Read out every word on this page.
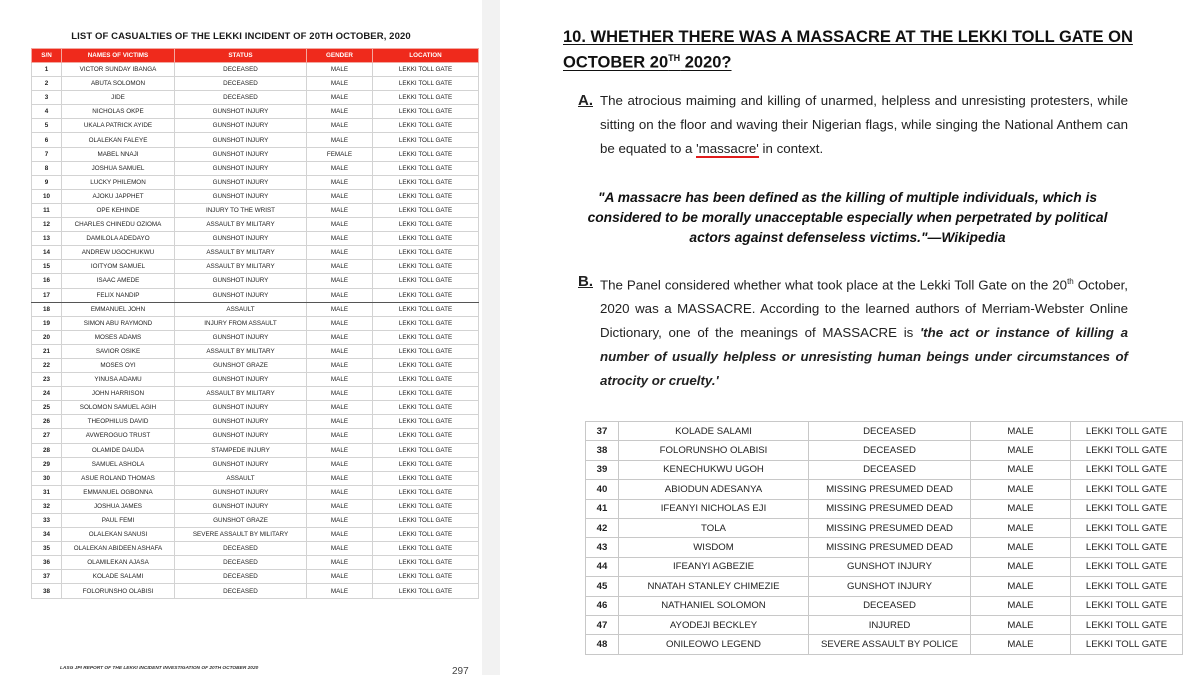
LIST OF CASUALTIES OF THE LEKKI INCIDENT OF 20TH OCTOBER, 2020
S/N	NAMES OF VICTIMS	STATUS	GENDER	LOCATION
1	VICTOR SUNDAY IBANGA	DECEASED	MALE	LEKKI TOLL GATE
2	ABUTA SOLOMON	DECEASED	MALE	LEKKI TOLL GATE
3	JIDE	DECEASED	MALE	LEKKI TOLL GATE
4	NICHOLAS OKPE	GUNSHOT INJURY	MALE	LEKKI TOLL GATE
5	UKALA PATRICK AYIDE	GUNSHOT INJURY	MALE	LEKKI TOLL GATE
6	OLALEKAN FALEYE	GUNSHOT INJURY	MALE	LEKKI TOLL GATE
7	MABEL NNAJI	GUNSHOT INJURY	FEMALE	LEKKI TOLL GATE
8	JOSHUA SAMUEL	GUNSHOT INJURY	MALE	LEKKI TOLL GATE
9	LUCKY PHILEMON	GUNSHOT INJURY	MALE	LEKKI TOLL GATE
10	AJOKU JAPPHET	GUNSHOT INJURY	MALE	LEKKI TOLL GATE
11	OPE KEHINDE	INJURY TO THE WRIST	MALE	LEKKI TOLL GATE
12	CHARLES CHINEDU OZIOMA	ASSAULT BY MILITARY	MALE	LEKKI TOLL GATE
13	DAMILOLA ADEDAYO	GUNSHOT INJURY	MALE	LEKKI TOLL GATE
14	ANDREW UGOCHUKWU	ASSAULT BY MILITARY	MALE	LEKKI TOLL GATE
15	IOITYOM SAMUEL	ASSAULT BY MILITARY	MALE	LEKKI TOLL GATE
16	ISAAC AMEDE	GUNSHOT INJURY	MALE	LEKKI TOLL GATE
17	FELIX NANDIP	GUNSHOT INJURY	MALE	LEKKI TOLL GATE
18	EMMANUEL JOHN	ASSAULT	MALE	LEKKI TOLL GATE
19	SIMON ABU RAYMOND	INJURY FROM ASSAULT	MALE	LEKKI TOLL GATE
20	MOSES ADAMS	GUNSHOT INJURY	MALE	LEKKI TOLL GATE
21	SAVIOR OSIKE	ASSAULT BY MILITARY	MALE	LEKKI TOLL GATE
22	MOSES OYI	GUNSHOT GRAZE	MALE	LEKKI TOLL GATE
23	YINUSA ADAMU	GUNSHOT INJURY	MALE	LEKKI TOLL GATE
24	JOHN HARRISON	ASSAULT BY MILITARY	MALE	LEKKI TOLL GATE
25	SOLOMON SAMUEL AGIH	GUNSHOT INJURY	MALE	LEKKI TOLL GATE
26	THEOPHILUS DAVID	GUNSHOT INJURY	MALE	LEKKI TOLL GATE
27	AVWEROGUO TRUST	GUNSHOT INJURY	MALE	LEKKI TOLL GATE
28	OLAMIDE DAUDA	STAMPEDE INJURY	MALE	LEKKI TOLL GATE
29	SAMUEL ASHOLA	GUNSHOT INJURY	MALE	LEKKI TOLL GATE
30	ASUE ROLAND THOMAS	ASSAULT	MALE	LEKKI TOLL GATE
31	EMMANUEL OGBONNA	GUNSHOT INJURY	MALE	LEKKI TOLL GATE
32	JOSHUA JAMES	GUNSHOT INJURY	MALE	LEKKI TOLL GATE
33	PAUL FEMI	GUNSHOT GRAZE	MALE	LEKKI TOLL GATE
34	OLALEKAN SANUSI	SEVERE ASSAULT BY MILITARY	MALE	LEKKI TOLL GATE
35	OLALEKAN ABIDEEN ASHAFA	DECEASED	MALE	LEKKI TOLL GATE
36	OLAMILEKAN AJASA	DECEASED	MALE	LEKKI TOLL GATE
37	KOLADE SALAMI	DECEASED	MALE	LEKKI TOLL GATE
38	FOLORUNSHO OLABISI	DECEASED	MALE	LEKKI TOLL GATE
LASG JPI REPORT OF THE LEKKI INCIDENT INVESTIGATION OF 20TH OCTOBER 2020	297
10. WHETHER THERE WAS A MASSACRE AT THE LEKKI TOLL GATE ON OCTOBER 20TH 2020?
A. The atrocious maiming and killing of unarmed, helpless and unresisting protesters, while sitting on the floor and waving their Nigerian flags, while singing the National Anthem can be equated to a 'massacre' in context.
"A massacre has been defined as the killing of multiple individuals, which is considered to be morally unacceptable especially when perpetrated by political actors against defenseless victims."—Wikipedia
B. The Panel considered whether what took place at the Lekki Toll Gate on the 20th October, 2020 was a MASSACRE. According to the learned authors of Merriam-Webster Online Dictionary, one of the meanings of MASSACRE is 'the act or instance of killing a number of usually helpless or unresisting human beings under circumstances of atrocity or cruelty.'
37	KOLADE SALAMI	DECEASED	MALE	LEKKI TOLL GATE
38	FOLORUNSHO OLABISI	DECEASED	MALE	LEKKI TOLL GATE
39	KENECHUKWU UGOH	DECEASED	MALE	LEKKI TOLL GATE
40	ABIODUN ADESANYA	MISSING PRESUMED DEAD	MALE	LEKKI TOLL GATE
41	IFEANYI NICHOLAS EJI	MISSING PRESUMED DEAD	MALE	LEKKI TOLL GATE
42	TOLA	MISSING PRESUMED DEAD	MALE	LEKKI TOLL GATE
43	WISDOM	MISSING PRESUMED DEAD	MALE	LEKKI TOLL GATE
44	IFEANYI AGBEZIE	GUNSHOT INJURY	MALE	LEKKI TOLL GATE
45	NNATAH STANLEY CHIMEZIE	GUNSHOT INJURY	MALE	LEKKI TOLL GATE
46	NATHANIEL SOLOMON	DECEASED	MALE	LEKKI TOLL GATE
47	AYODEJI BECKLEY	INJURED	MALE	LEKKI TOLL GATE
48	ONILEOWO LEGEND	SEVERE ASSAULT BY POLICE	MALE	LEKKI TOLL GATE
